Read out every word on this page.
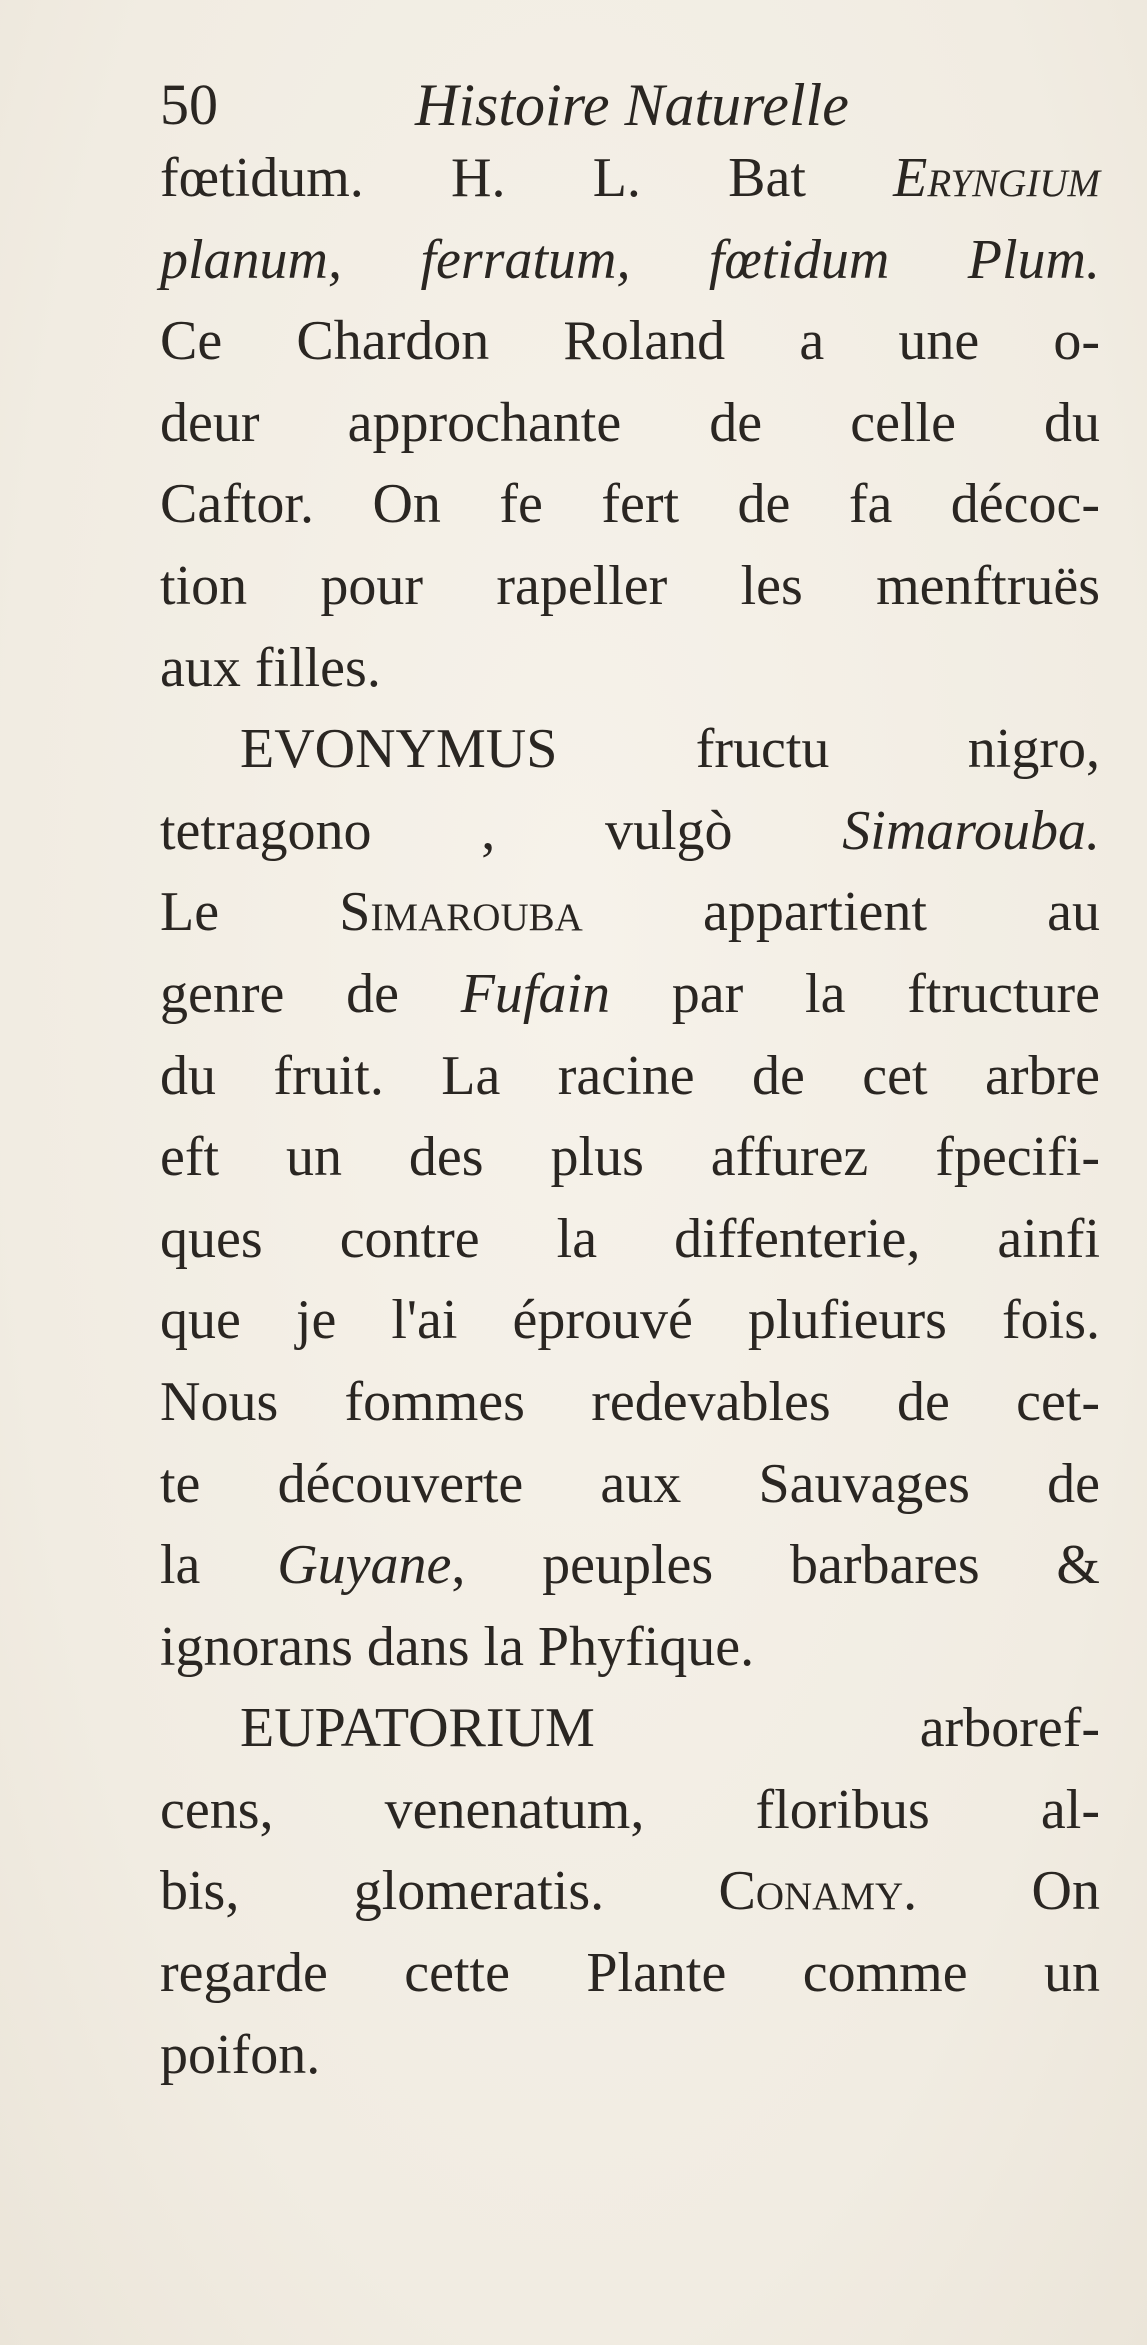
50	Histoire Naturelle
fœtidum. H. L. Bat Eryngium
planum, ferratum, fœtidum Plum.
Ce Chardon Roland a une o-
deur approchante de celle du
Caftor. On fe fert de fa décoc-
tion pour rapeller les menftruës
aux filles.
EVONYMUS fructu nigro,
tetragono , vulgò Simarouba.
Le Simarouba appartient au
genre de Fufain par la ftructure
du fruit. La racine de cet arbre
eft un des plus affurez fpecifi-
ques contre la diffenterie, ainfi
que je l'ai éprouvé plufieurs fois.
Nous fommes redevables de cet-
te découverte aux Sauvages de
la Guyane, peuples barbares &
ignorans dans la Phyfique.
EUPATORIUM arboref-
cens, venenatum, floribus al-
bis, glomeratis. Conamy. On
regarde cette Plante comme un
poifon.
